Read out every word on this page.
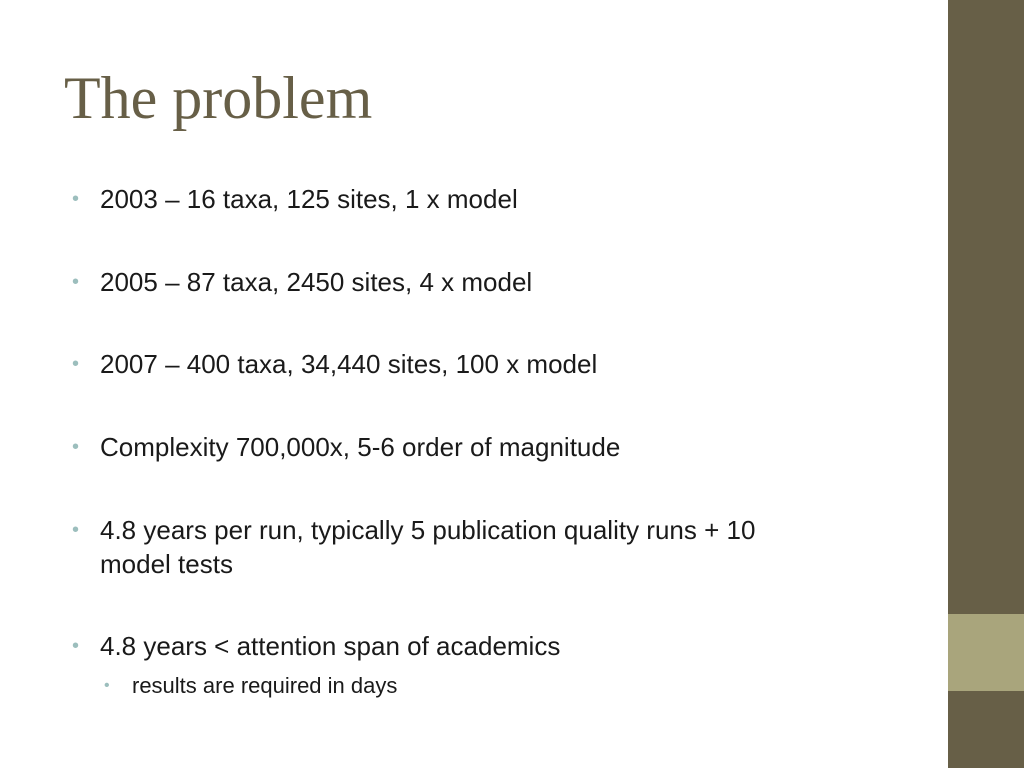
The problem
• 2003 – 16 taxa, 125 sites, 1 x model
• 2005 – 87 taxa, 2450 sites, 4 x model
• 2007 – 400 taxa, 34,440 sites, 100 x model
• Complexity 700,000x, 5-6 order of magnitude
• 4.8 years per run, typically 5 publication quality runs + 10 model tests
• 4.8 years < attention span of academics
• results are required in days
